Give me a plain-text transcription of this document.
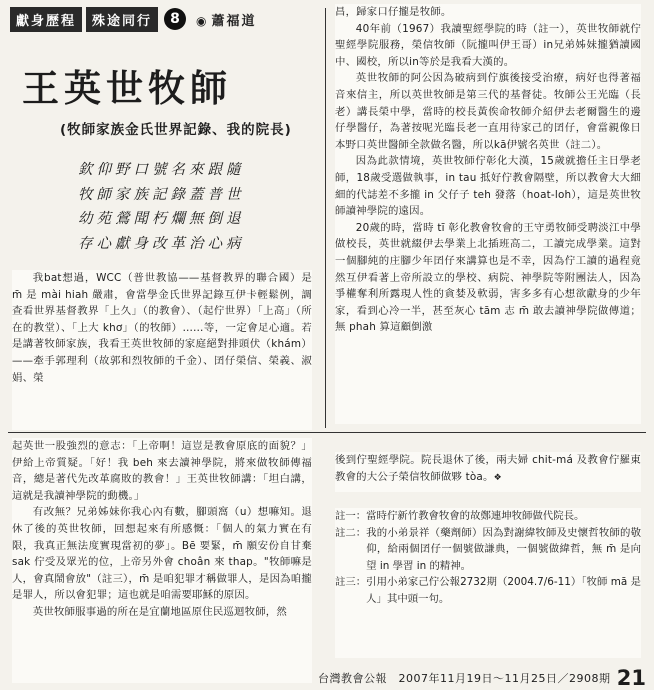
獻身歷程	殊途同行	8	◉ 蕭福道
王英世牧師
(牧師家族金氏世界記錄、我的院長)
欽仰野口號名來跟隨
牧師家族記錄蓋普世
幼苑鶯聞朽爛無倒退
存心獻身改革治心病

我bat想過，WCC（普世教協——基督教界的聯合國）是 m̄ 是 mài hiah 嚴肅，會當學金氏世界記錄互伊卡輕鬆例，調查看世界基督教界「上久」（的教會）、（起佇世界）「上高」（所在的教堂）、「上大 khơ」（的牧師）……等，一定會足心適。若是講著牧師家族，我看王英世牧師的家庭絕對排頭伏（khám）——牽手郭理利（故郭和烈牧師的千金）、囝仔榮信、榮義、淑娟、榮

昌，歸家口仔攏是牧師。

40年前（1967）我讀聖經學院的時（註一），英世牧師就佇聖經學院服務，榮信牧師（阮攏叫伊王哥）in兄弟姊妹攏猶讀國中、國校，所以in等於是我看大漢的。

英世牧師的阿公因為破病到佇旗後接受治療，病好也得著福音來信主，所以英世牧師是第三代的基督徒。牧師公王光臨（長老）講長榮中學，當時的校長黃俟命牧師介紹伊去老爾醫生的邊仔學醫仔，為著按呢光臨長老一直用待家己的囝仔，會當親像日本野口英世醫師全款做名醫，所以kā伊號名英世（註二）。

因為此款情境，英世牧師佇彰化大漢，15歲就擔任主日學老師，18歲受選做執事，in tau 抵好佇教會隔壁，所以教會大大細細的代誌差不多攏 in 父仔子 teh 發落（hoat-loh），這是英世牧師讀神學院的遠因。

20歲的時，當時 tī 彰化教會牧會的王守勇牧師受聘淡江中學做校長，英世就綴伊去學業上北插班高二，工讀完成學業。這對一個腳純的庄腳少年囝仔來講算也是不幸，因為佇工讀的過程竟然互伊看著上帝所設立的學校、病院、神學院等附團法人，因為爭權奪利所露現人性的貪婪及軟弱，害多多有心想欲獻身的少年家，看到心冷一半，甚至灰心 tām 志 m̄ 敢去讀神學院做傳道；無 phah 算這顧倒激

起英世一股強烈的意志：「上帝啊！這豈是教會原底的面貌？」伊給上帝質疑。「好！我 beh 來去讀神學院，將來做牧師傳福音，總是著代先改革腐敗的教會！」王英世牧師講：「坦白講，這就是我讀神學院的動機。」

有改無？兄弟姊妹你我心內有數，腳頭窩（u）想嘛知。退休了後的英世牧師，回想起來有所感慨：「個人的氣力實在有限，我真正無法度實現當初的夢」。Bē 要緊，m̄ 願安份自甘棄 sak 佇受及眾光的位，上帝另外會 choân 來 thap。"牧師嘛是人，會真鬧會放"（註三），m̄ 是咱犯罪才稱做罪人，是因為咱攏是罪人，所以會犯罪；這也就是咱需要耶穌的原因。

英世牧師服事過的所在是宜蘭地區原住民巡迴牧師，然

後到佇聖經學院。院長退休了後，兩夫婦 chit-má 及教會佇羅東教會的大公子榮信牧師做夥 tòa。❖

註一： 當時佇新竹教會牧會的故鄭連坤牧師做代院長。
註二： 我的小弟景祥（藥劑師）因為對謝緯牧師及史懷哲牧師的敬仰，給兩個囝仔一個號做謙典，一個號做緯哲，無 m̄ 是向望 in 學習 in 的精神。
註三： 引用小弟家己佇公報2732期（2004.7/6-11）「牧師 mā 是人」其中頭一句。
台灣教會公報　2007年11月19日～11月25日／2908期 21
